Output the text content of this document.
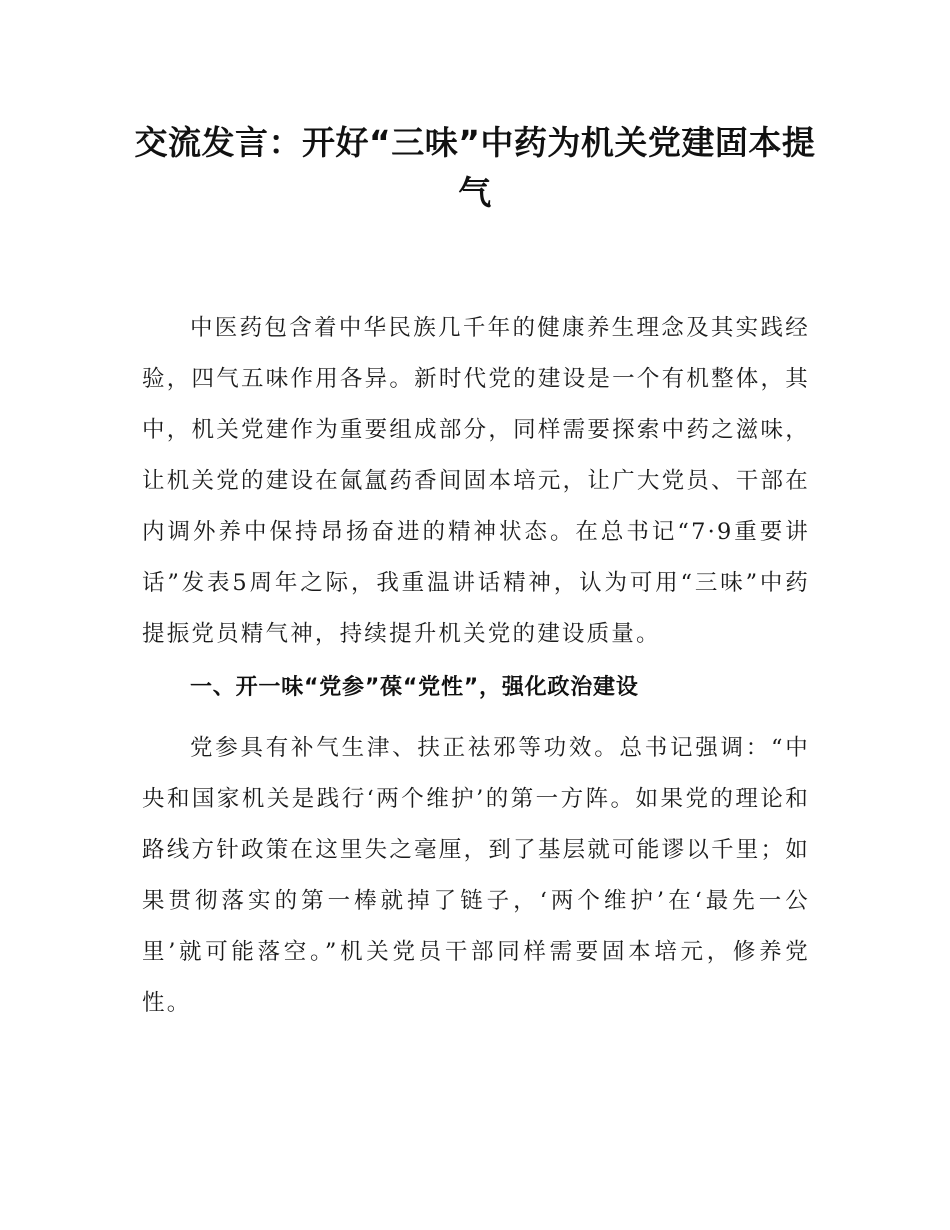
交流发言：开好“三味”中药为机关党建固本提气

中医药包含着中华民族几千年的健康养生理念及其实践经验，四气五味作用各异。新时代党的建设是一个有机整体，其中，机关党建作为重要组成部分，同样需要探索中药之滋味，让机关党的建设在氤氲药香间固本培元，让广大党员、干部在内调外养中保持昂扬奋进的精神状态。在总书记“7·9重要讲话”发表5周年之际，我重温讲话精神，认为可用“三味”中药提振党员精气神，持续提升机关党的建设质量。

一、开一味“党参”葆“党性”，强化政治建设

党参具有补气生津、扶正祛邪等功效。总书记强调：“中央和国家机关是践行‘两个维护’的第一方阵。如果党的理论和路线方针政策在这里失之毫厘，到了基层就可能谬以千里；如果贯彻落实的第一棒就掉了链子，‘两个维护’在‘最先一公里’就可能落空。”机关党员干部同样需要固本培元，修养党性。
